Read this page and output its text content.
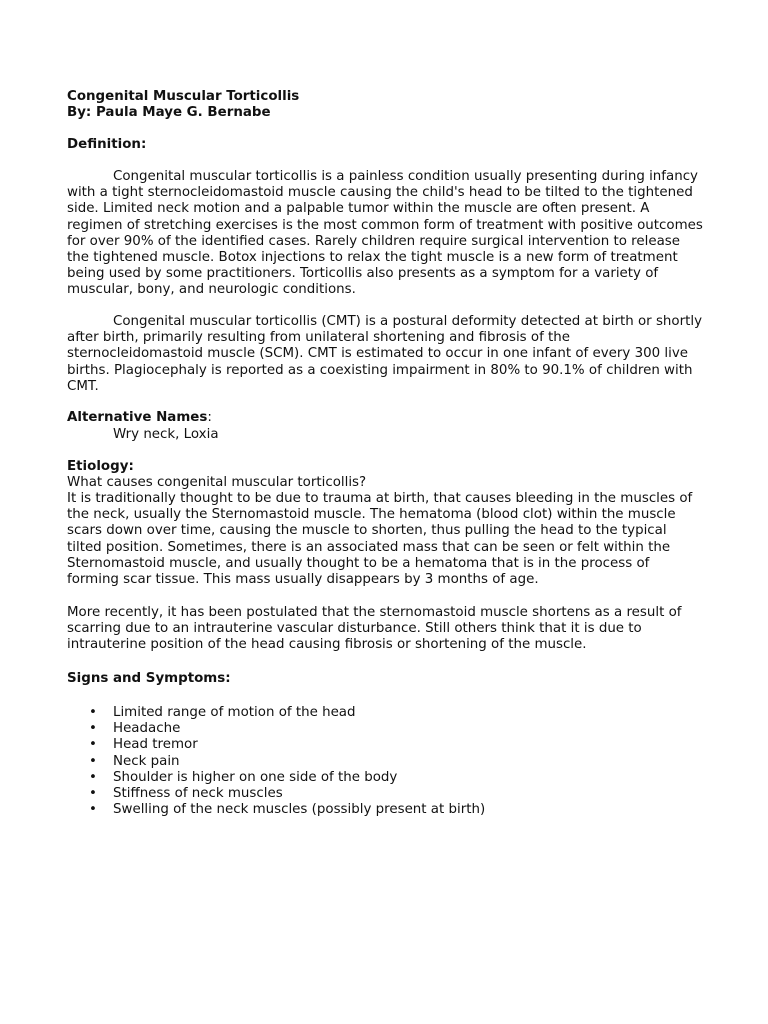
Congenital Muscular Torticollis

By: Paula Maye G. Bernabe

Definition:

Congenital muscular torticollis is a painless condition usually presenting during infancy with a tight sternocleidomastoid muscle causing the child's head to be tilted to the tightened side. Limited neck motion and a palpable tumor within the muscle are often present. A regimen of stretching exercises is the most common form of treatment with positive outcomes for over 90% of the identified cases. Rarely children require surgical intervention to release the tightened muscle. Botox injections to relax the tight muscle is a new form of treatment being used by some practitioners. Torticollis also presents as a symptom for a variety of muscular, bony, and neurologic conditions.

Congenital muscular torticollis (CMT) is a postural deformity detected at birth or shortly after birth, primarily resulting from unilateral shortening and fibrosis of the sternocleidomastoid muscle (SCM). CMT is estimated to occur in one infant of every 300 live births. Plagiocephaly is reported as a coexisting impairment in 80% to 90.1% of children with CMT.

Alternative Names:

Wry neck, Loxia

Etiology:

What causes congenital muscular torticollis?

It is traditionally thought to be due to trauma at birth, that causes bleeding in the muscles of the neck, usually the Sternomastoid muscle. The hematoma (blood clot) within the muscle scars down over time, causing the muscle to shorten, thus pulling the head to the typical tilted position. Sometimes, there is an associated mass that can be seen or felt within the Sternomastoid muscle, and usually thought to be a hematoma that is in the process of forming scar tissue. This mass usually disappears by 3 months of age.

More recently, it has been postulated that the sternomastoid muscle shortens as a result of scarring due to an intrauterine vascular disturbance. Still others think that it is due to intrauterine position of the head causing fibrosis or shortening of the muscle.

Signs and Symptoms:

• Limited range of motion of the head
• Headache
• Head tremor
• Neck pain
• Shoulder is higher on one side of the body
• Stiffness of neck muscles
• Swelling of the neck muscles (possibly present at birth)
